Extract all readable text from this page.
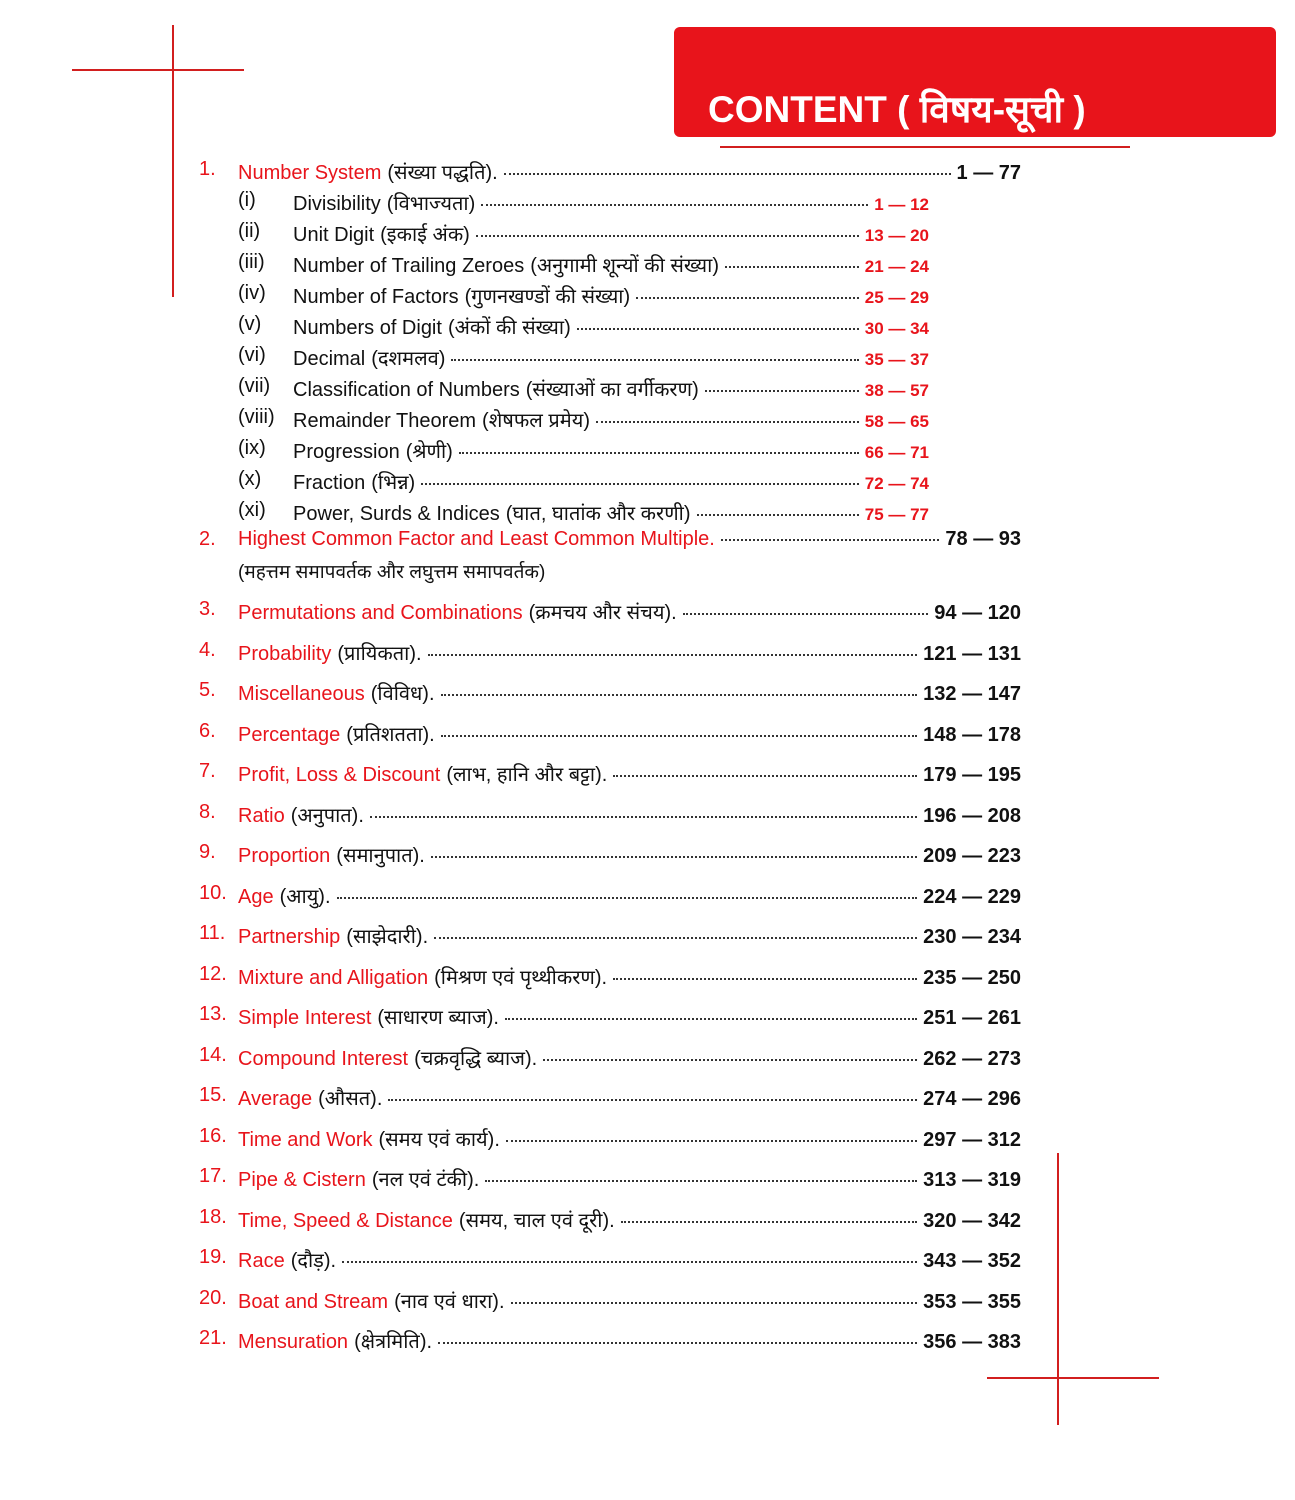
CONTENT ( विषय-सूची )
1. Number System (संख्या पद्धति).	1 — 77
(i) Divisibility (विभाज्यता)	1 — 12
(ii) Unit Digit (इकाई अंक)	13 — 20
(iii) Number of Trailing Zeroes (अनुगामी शून्यों की संख्या)	21 — 24
(iv) Number of Factors (गुणनखण्डों की संख्या)	25 — 29
(v) Numbers of Digit (अंकों की संख्या)	30 — 34
(vi) Decimal (दशमलव)	35 — 37
(vii) Classification of Numbers (संख्याओं का वर्गीकरण)	38 — 57
(viii) Remainder Theorem (शेषफल प्रमेय)	58 — 65
(ix) Progression (श्रेणी)	66 — 71
(x) Fraction (भिन्न)	72 — 74
(xi) Power, Surds & Indices (घात, घातांक और करणी)	75 — 77
2. Highest Common Factor and Least Common Multiple.	78 — 93
(महत्तम समापवर्तक और लघुत्तम समापवर्तक)
3. Permutations and Combinations (क्रमचय और संचय).	94 — 120
4. Probability (प्रायिकता).	121 — 131
5. Miscellaneous (विविध).	132 — 147
6. Percentage (प्रतिशतता).	148 — 178
7. Profit, Loss & Discount (लाभ, हानि और बट्टा).	179 — 195
8. Ratio (अनुपात).	196 — 208
9. Proportion (समानुपात).	209 — 223
10. Age (आयु).	224 — 229
11. Partnership (साझेदारी).	230 — 234
12. Mixture and Alligation (मिश्रण एवं पृथ्थीकरण).	235 — 250
13. Simple Interest (साधारण ब्याज).	251 — 261
14. Compound Interest (चक्रवृद्धि ब्याज).	262 — 273
15. Average (औसत).	274 — 296
16. Time and Work (समय एवं कार्य).	297 — 312
17. Pipe & Cistern (नल एवं टंकी).	313 — 319
18. Time, Speed & Distance (समय, चाल एवं दूरी).	320 — 342
19. Race (दौड़).	343 — 352
20. Boat and Stream (नाव एवं धारा).	353 — 355
21. Mensuration (क्षेत्रमिति).	356 — 383
